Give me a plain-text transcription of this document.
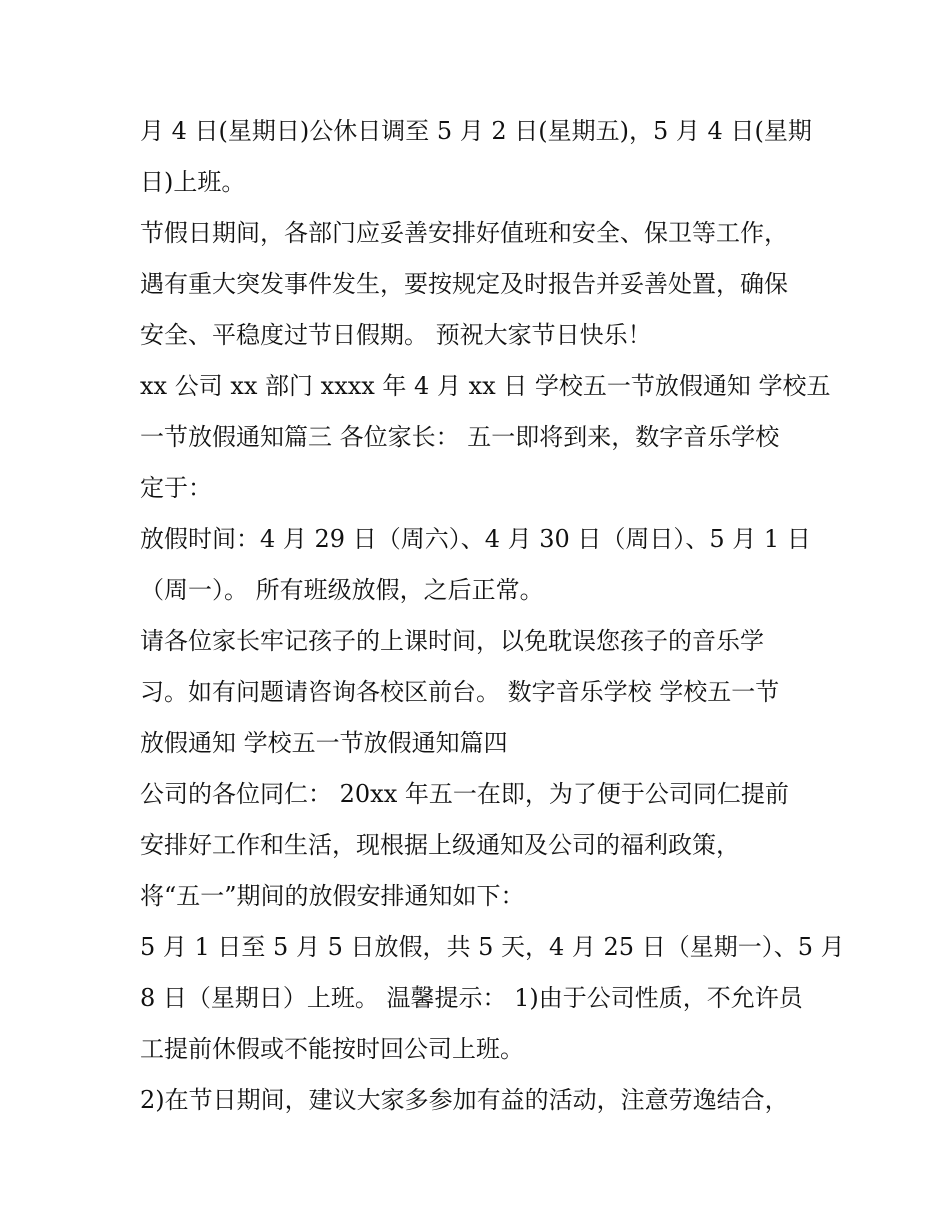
月 4 日(星期日)公休日调至 5 月 2 日(星期五)，5 月 4 日(星期
日)上班。
节假日期间，各部门应妥善安排好值班和安全、保卫等工作，
遇有重大突发事件发生，要按规定及时报告并妥善处置，确保
安全、平稳度过节日假期。 预祝大家节日快乐！
xx 公司 xx 部门 xxxx 年 4 月 xx 日 学校五一节放假通知 学校五
一节放假通知篇三 各位家长： 五一即将到来，数字音乐学校
定于：
放假时间：4 月 29 日（周六）、4 月 30 日（周日）、5 月 1 日
（周一）。 所有班级放假，之后正常。
请各位家长牢记孩子的上课时间，以免耽误您孩子的音乐学
习。如有问题请咨询各校区前台。 数字音乐学校 学校五一节
放假通知 学校五一节放假通知篇四
公司的各位同仁： 20xx 年五一在即，为了便于公司同仁提前
安排好工作和生活，现根据上级通知及公司的福利政策，
将“五一”期间的放假安排通知如下：
5 月 1 日至 5 月 5 日放假，共 5 天，4 月 25 日（星期一）、5 月
8 日（星期日）上班。 温馨提示： 1)由于公司性质，不允许员
工提前休假或不能按时回公司上班。
2)在节日期间，建议大家多参加有益的活动，注意劳逸结合，
